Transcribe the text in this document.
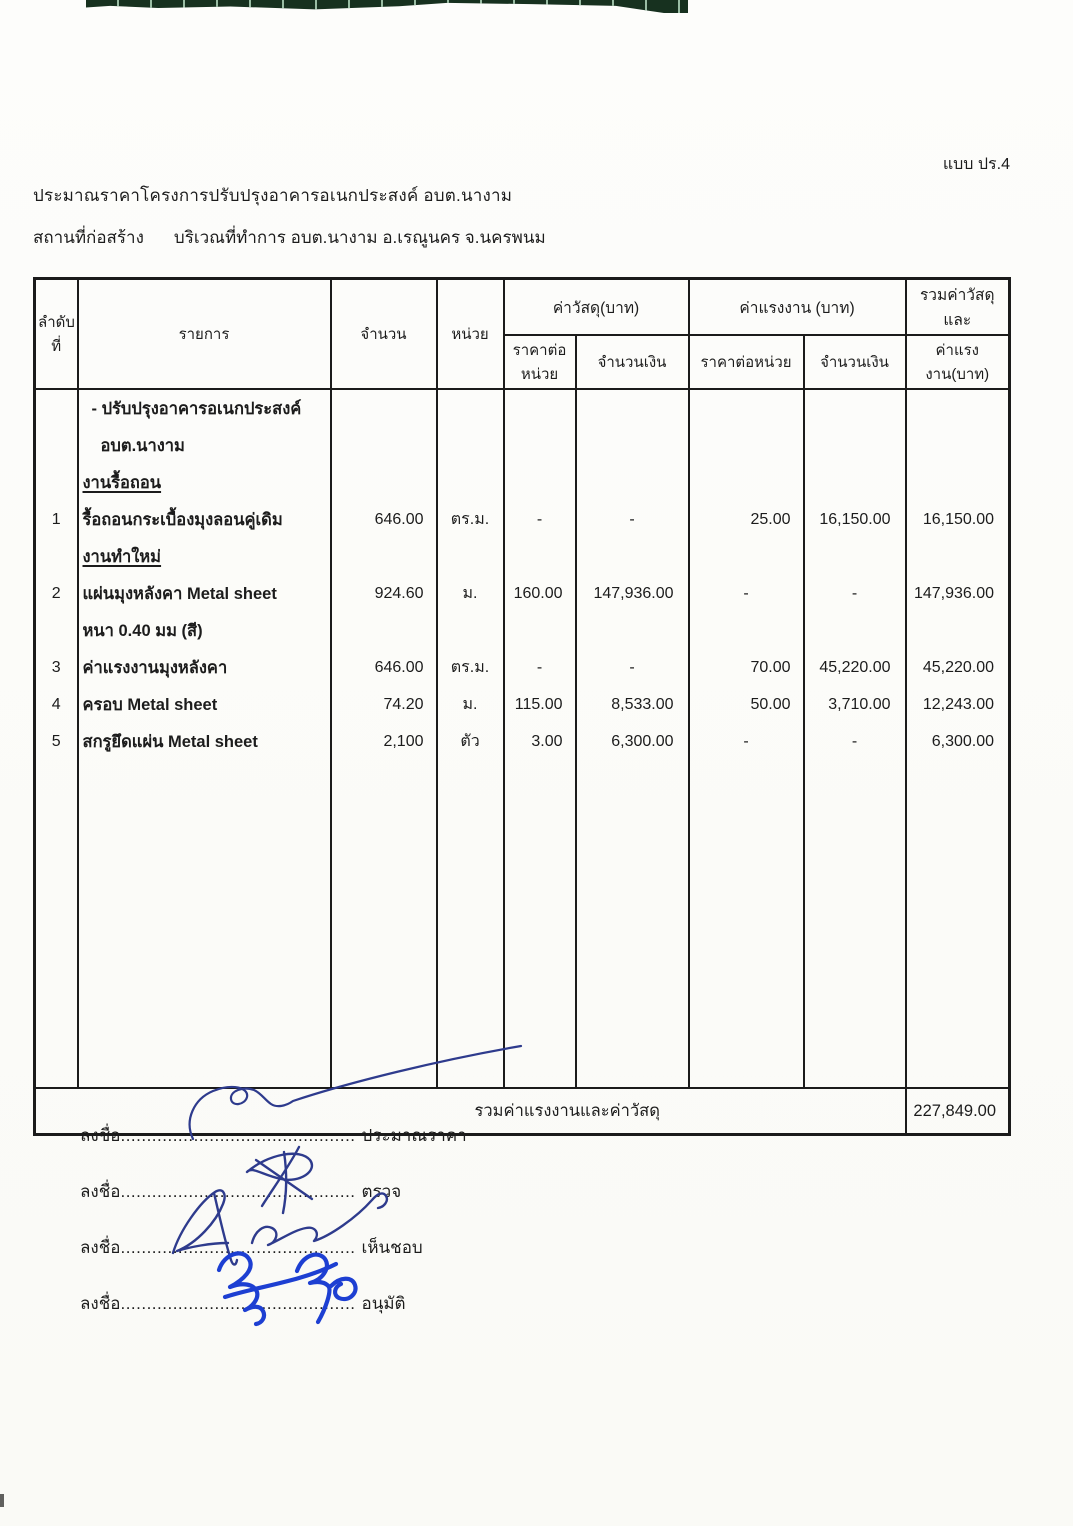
แบบ ปร.4
ประมาณราคาโครงการปรับปรุงอาคารอเนกประสงค์ อบต.นางาม
สถานที่ก่อสร้าง บริเวณที่ทำการ อบต.นางาม อ.เรณูนคร จ.นครพนม
ลำดับ
ที่	รายการ	จำนวน	หน่วย	ค่าวัสดุ(บาท)		ค่าแรงงาน (บาท)		รวมค่าวัสดุและ
				ราคาต่อหน่วย	จำนวนเงิน	ราคาต่อหน่วย	จำนวนเงิน	ค่าแรงงาน(บาท)
	- ปรับปรุงอาคารอเนกประสงค์							
	อบต.นางาม							
	งานรื้อถอน							
1	รื้อถอนกระเบื้องมุงลอนคู่เดิม	646.00	ตร.ม.	-	-	25.00	16,150.00	16,150.00
	งานทำใหม่							
2	แผ่นมุงหลังคา Metal sheet	924.60	ม.	160.00	147,936.00	-	-	147,936.00
	หนา 0.40 มม (สี)							
3	ค่าแรงงานมุงหลังคา	646.00	ตร.ม.	-	-	70.00	45,220.00	45,220.00
4	ครอบ Metal sheet	74.20	ม.	115.00	8,533.00	50.00	3,710.00	12,243.00
5	สกรูยึดแผ่น Metal sheet	2,100	ตัว	3.00	6,300.00	-	-	6,300.00

รวมค่าแรงงานและค่าวัสดุ								227,849.00
ลงชื่อ............................................. ประมาณราคา
ลงชื่อ............................................. ตรวจ
ลงชื่อ............................................. เห็นชอบ
ลงชื่อ............................................. อนุมัติ
